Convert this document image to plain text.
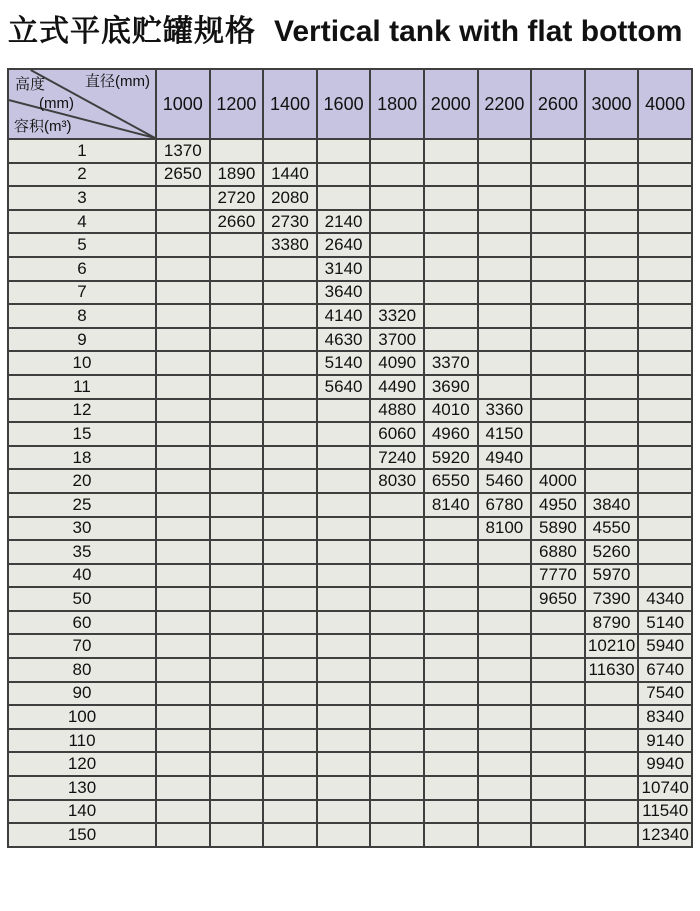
立式平底贮罐规格 Vertical tank with flat bottom
直径(mm)
高度
(mm)
容积(m³)	1000	1200	1400	1600	1800	2000	2200	2600	3000	4000
1	1370									
2	2650	1890	1440							
3		2720	2080							
4		2660	2730	2140						
5			3380	2640						
6				3140						
7				3640						
8				4140	3320					
9				4630	3700					
10				5140	4090	3370				
11				5640	4490	3690				
12					4880	4010	3360			
15					6060	4960	4150			
18					7240	5920	4940			
20					8030	6550	5460	4000		
25						8140	6780	4950	3840	
30							8100	5890	4550	
35								6880	5260	
40								7770	5970	
50								9650	7390	4340
60									8790	5140
70									10210	5940
80									11630	6740
90										7540
100										8340
110										9140
120										9940
130										10740
140										11540
150										12340
